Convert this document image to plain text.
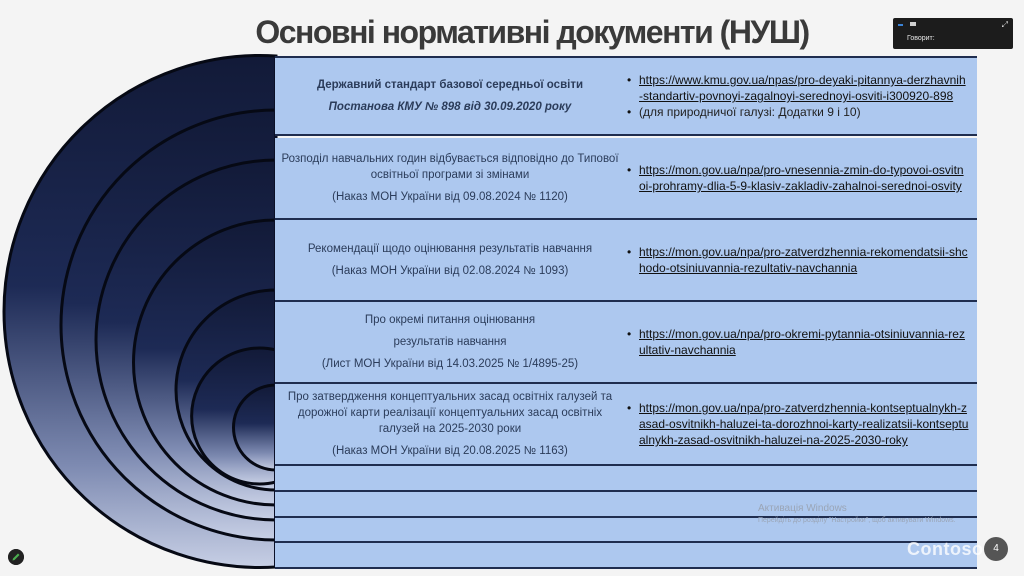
Основні нормативні документи (НУШ)	⤢
Говорит:
Державний стандарт базової середньої освіти
Постанова КМУ № 898 від 30.09.2020 року
• https://www.kmu.gov.ua/npas/pro-deyaki-pitannya-derzhavnih-standartiv-povnoyi-zagalnoyi-serednoyi-osviti-i300920-898
• (для природничої галузі: Додатки 9 і 10)
Розподіл навчальних годин відбувається відповідно до Типової освітньої програми зі змінами
(Наказ МОН України від 09.08.2024 № 1120)
• https://mon.gov.ua/npa/pro-vnesennia-zmin-do-typovoi-osvitnoi-prohramy-dlia-5-9-klasiv-zakladiv-zahalnoi-serednoi-osvity
Рекомендації щодо оцінювання результатів навчання
(Наказ МОН України від 02.08.2024 № 1093)
• https://mon.gov.ua/npa/pro-zatverdzhennia-rekomendatsii-shchodo-otsiniuvannia-rezultativ-navchannia
Про окремі питання оцінювання
результатів навчання
(Лист МОН України від 14.03.2025 № 1/4895-25)
• https://mon.gov.ua/npa/pro-okremi-pytannia-otsiniuvannia-rezultativ-navchannia
Про затвердження концептуальних засад освітніх галузей та дорожної карти реалізації концептуальних засад освітніх галузей на 2025-2030 роки
(Наказ МОН України від 20.08.2025 № 1163)
• https://mon.gov.ua/npa/pro-zatverdzhennia-kontseptualnykh-zasad-osvitnikh-haluzei-ta-dorozhnoi-karty-realizatsii-kontseptualnykh-zasad-osvitnikh-haluzei-na-2025-2030-roky
Активація Windows
Перейдіть до розділу "Настройки", щоб активувати Windows.
Contoso 4
